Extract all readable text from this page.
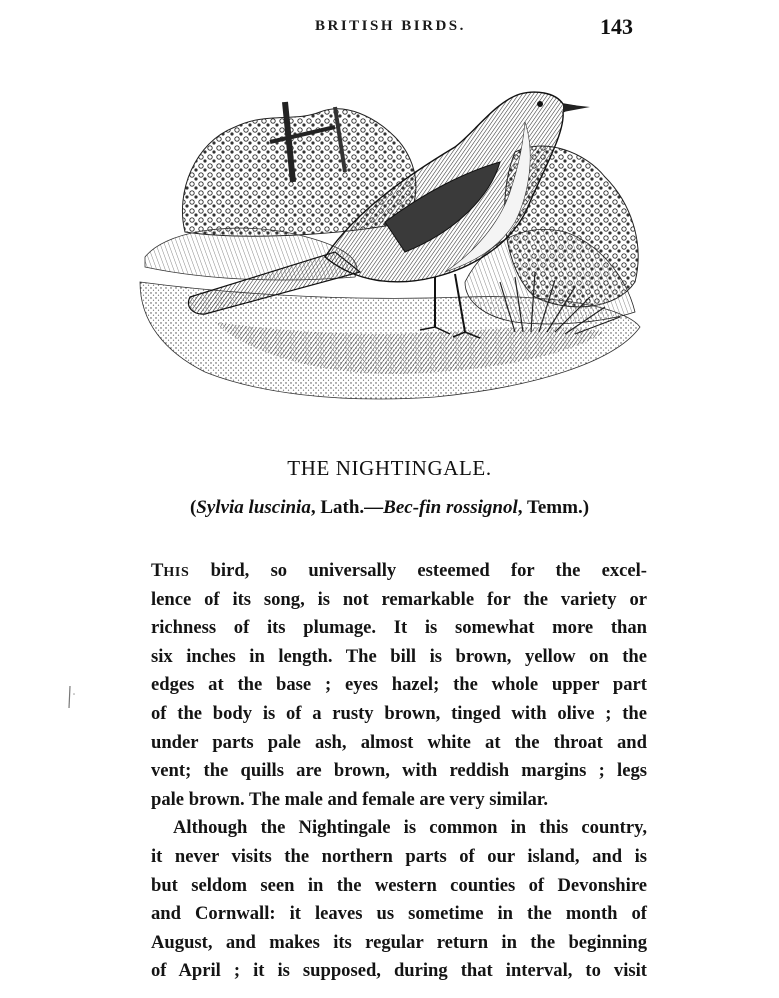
BRITISH BIRDS.	143
THE NIGHTINGALE.
(Sylvia luscinia, Lath.—Bec-fin rossignol, Temm.)
THIS bird, so universally esteemed for the excel-
lence of its song, is not remarkable for the variety or
richness of its plumage. It is somewhat more than
six inches in length. The bill is brown, yellow on the
edges at the base ; eyes hazel; the whole upper part
of the body is of a rusty brown, tinged with olive ; the
under parts pale ash, almost white at the throat and
vent; the quills are brown, with reddish margins ; legs
pale brown. The male and female are very similar.
Although the Nightingale is common in this country,
it never visits the northern parts of our island, and is
but seldom seen in the western counties of Devonshire
and Cornwall: it leaves us sometime in the month of
August, and makes its regular return in the beginning
of April ; it is supposed, during that interval, to visit
